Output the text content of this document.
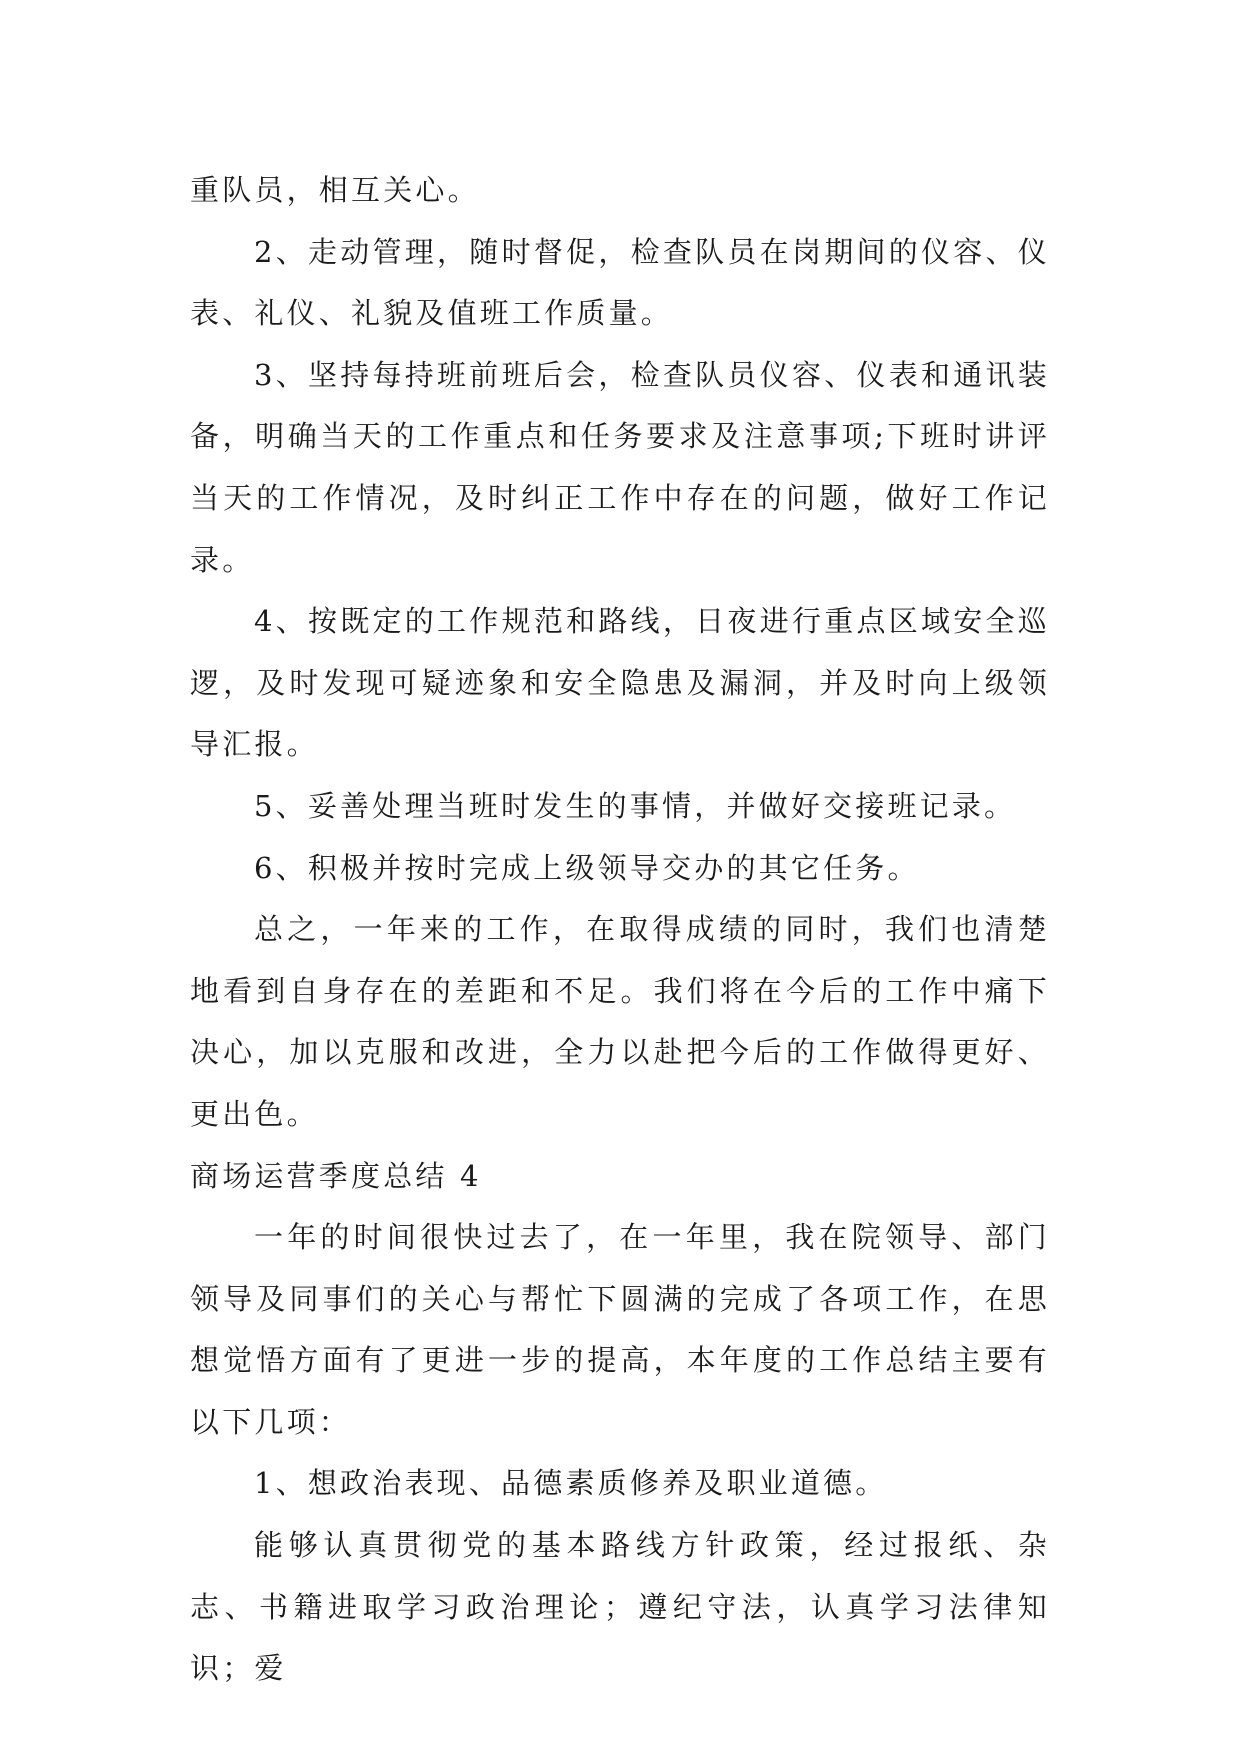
重队员，相互关心。

2、走动管理，随时督促，检查队员在岗期间的仪容、仪表、礼仪、礼貌及值班工作质量。

3、坚持每持班前班后会，检查队员仪容、仪表和通讯装备，明确当天的工作重点和任务要求及注意事项;下班时讲评当天的工作情况，及时纠正工作中存在的问题，做好工作记录。

4、按既定的工作规范和路线，日夜进行重点区域安全巡逻，及时发现可疑迹象和安全隐患及漏洞，并及时向上级领导汇报。

5、妥善处理当班时发生的事情，并做好交接班记录。

6、积极并按时完成上级领导交办的其它任务。

总之，一年来的工作，在取得成绩的同时，我们也清楚地看到自身存在的差距和不足。我们将在今后的工作中痛下决心，加以克服和改进，全力以赴把今后的工作做得更好、更出色。

商场运营季度总结 4

一年的时间很快过去了，在一年里，我在院领导、部门领导及同事们的关心与帮忙下圆满的完成了各项工作，在思想觉悟方面有了更进一步的提高，本年度的工作总结主要有以下几项：

1、想政治表现、品德素质修养及职业道德。

能够认真贯彻党的基本路线方针政策，经过报纸、杂志、书籍进取学习政治理论；遵纪守法，认真学习法律知识；爱
